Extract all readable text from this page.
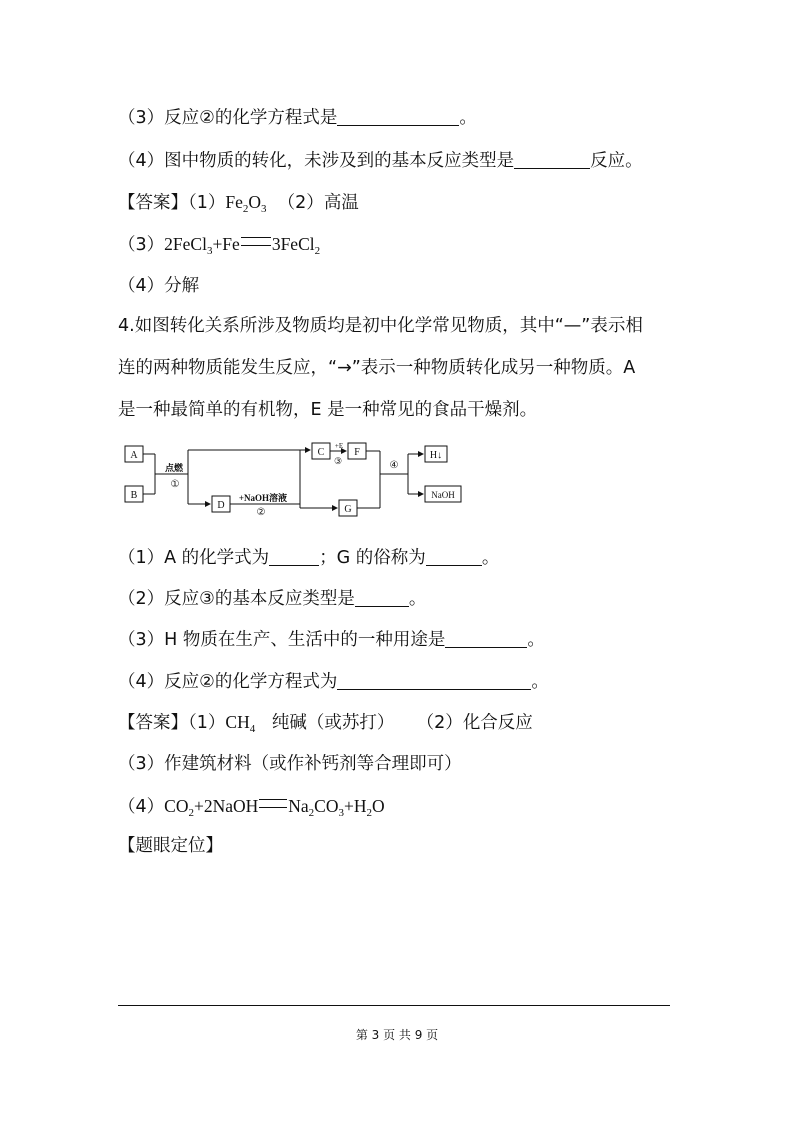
（3）反应②的化学方程式是	。
（4）图中物质的转化，未涉及到的基本反应类型是	反应。
【答案】$(1)Fe_2O_3$ （2）高温
（3）2FeCl$_3$+Fe 3FeCl$_2$
（4）分解
4.如图转化关系所涉及物质均是初中化学常见物质，其中“—”表示相
连的两种物质能发生反应，“→”表示一种物质转化成另一种物质。A
是一种最简单的有机物，E 是一种常见的食品干燥剂。
A
B
C	F
D	G
H↓
NaOH
点燃
①
+NaOH溶液
②
+E
③	④
（1）A 的化学式为	；G 的俗称为	。
（2）反应③的基本反应类型是	。
（3）H 物质在生产、生活中的一种用途是	。
（4）反应②的化学方程式为	。
【答案】$(1)CH_4$ 纯碱（或苏打） （2）化合反应
（3）作建筑材料（或作补钙剂等合理即可）
$(4)CO_2+2NaOH$ $Na_2CO_3+H_2O$
【题眼定位】
第 3 页 共 9 页
